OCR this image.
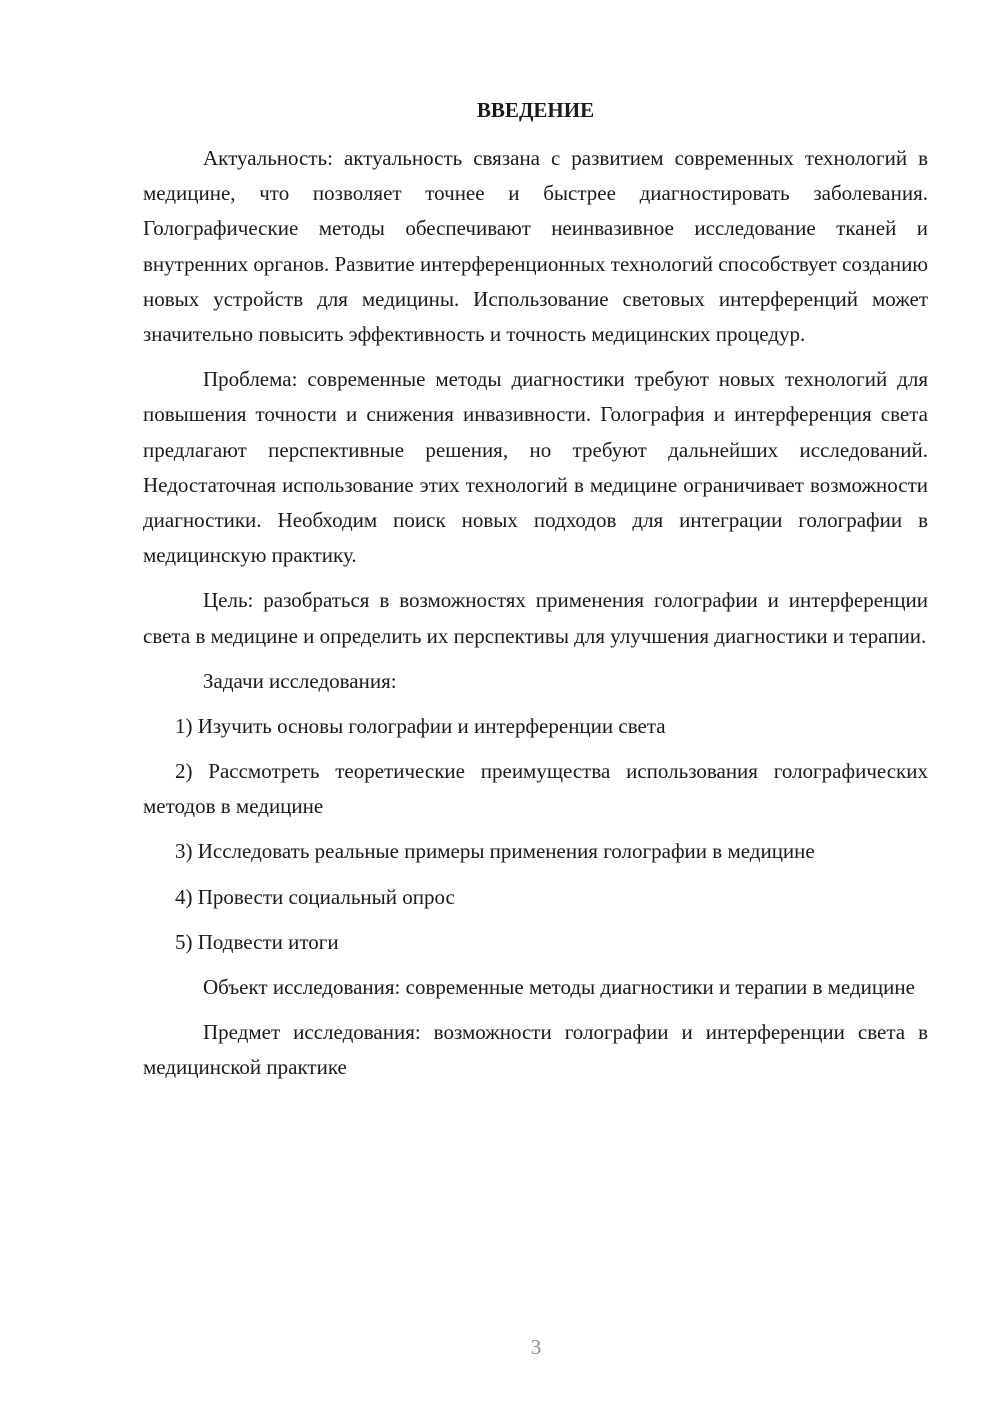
ВВЕДЕНИЕ

Актуальность: актуальность связана с развитием современных технологий в медицине, что позволяет точнее и быстрее диагностировать заболевания. Голографические методы обеспечивают неинвазивное исследование тканей и внутренних органов. Развитие интерференционных технологий способствует созданию новых устройств для медицины. Использование световых интерференций может значительно повысить эффективность и точность медицинских процедур.

Проблема: современные методы диагностики требуют новых технологий для повышения точности и снижения инвазивности. Голография и интерференция света предлагают перспективные решения, но требуют дальнейших исследований. Недостаточная использование этих технологий в медицине ограничивает возможности диагностики. Необходим поиск новых подходов для интеграции голографии в медицинскую практику.

Цель: разобраться в возможностях применения голографии и интерференции света в медицине и определить их перспективы для улучшения диагностики и терапии.

Задачи исследования:

1) Изучить основы голографии и интерференции света

2) Рассмотреть теоретические преимущества использования голографических методов в медицине

3) Исследовать реальные примеры применения голографии в медицине

4) Провести социальный опрос

5) Подвести итоги

Объект исследования: современные методы диагностики и терапии в медицине

Предмет исследования: возможности голографии и интерференции света в медицинской практике

3
